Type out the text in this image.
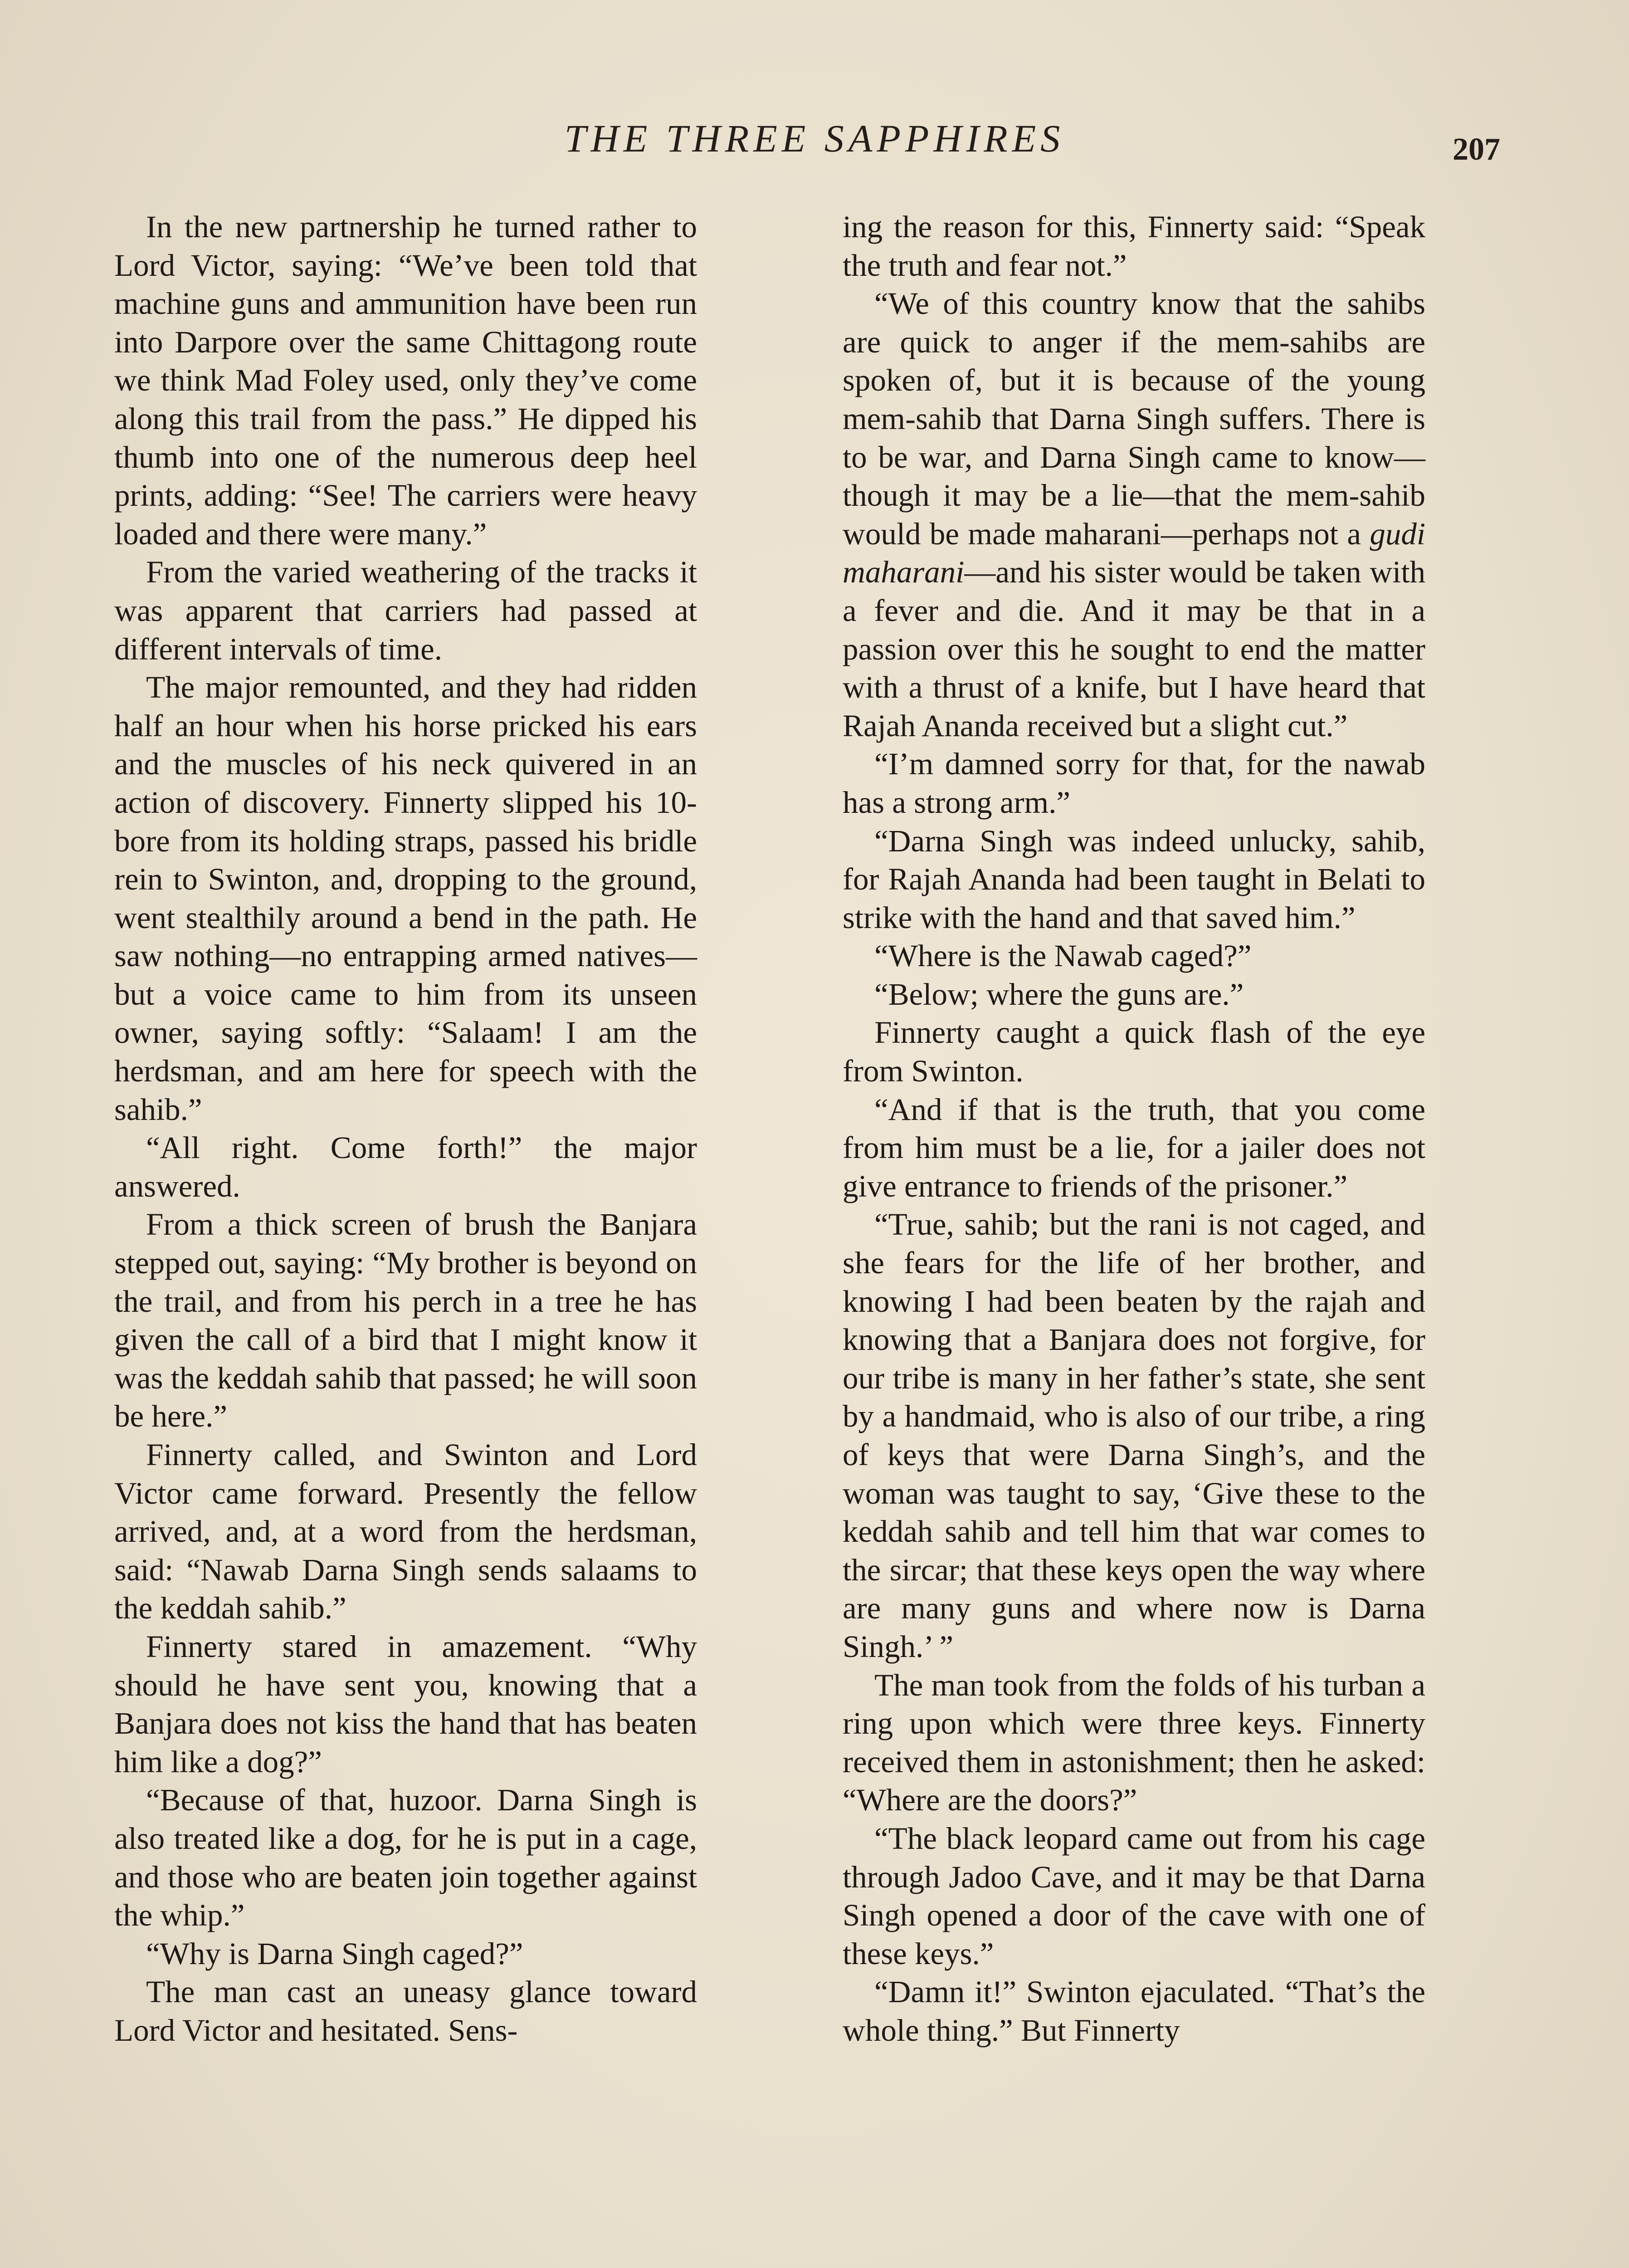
THE THREE SAPPHIRES	207

In the new partnership he turned rather to Lord Victor, saying: “We’ve been told that machine guns and ammunition have been run into Darpore over the same Chittagong route we think Mad Foley used, only they’ve come along this trail from the pass.” He dipped his thumb into one of the numerous deep heel prints, adding: “See! The carriers were heavy loaded and there were many.”

From the varied weathering of the tracks it was apparent that carriers had passed at different intervals of time.

The major remounted, and they had ridden half an hour when his horse pricked his ears and the muscles of his neck quivered in an action of discovery. Finnerty slipped his 10-bore from its holding straps, passed his bridle rein to Swinton, and, dropping to the ground, went stealthily around a bend in the path. He saw nothing—no entrapping armed natives—but a voice came to him from its unseen owner, saying softly: “Salaam! I am the herdsman, and am here for speech with the sahib.”

“All right. Come forth!” the major answered.

From a thick screen of brush the Banjara stepped out, saying: “My brother is beyond on the trail, and from his perch in a tree he has given the call of a bird that I might know it was the keddah sahib that passed; he will soon be here.”

Finnerty called, and Swinton and Lord Victor came forward. Presently the fellow arrived, and, at a word from the herdsman, said: “Nawab Darna Singh sends salaams to the keddah sahib.”

Finnerty stared in amazement. “Why should he have sent you, knowing that a Banjara does not kiss the hand that has beaten him like a dog?”

“Because of that, huzoor. Darna Singh is also treated like a dog, for he is put in a cage, and those who are beaten join together against the whip.”

“Why is Darna Singh caged?”

The man cast an uneasy glance toward Lord Victor and hesitated. Sens-

ing the reason for this, Finnerty said: “Speak the truth and fear not.”

“We of this country know that the sahibs are quick to anger if the mem-sahibs are spoken of, but it is because of the young mem-sahib that Darna Singh suffers. There is to be war, and Darna Singh came to know—though it may be a lie—that the mem-sahib would be made maharani—perhaps not a gudi maharani—and his sister would be taken with a fever and die. And it may be that in a passion over this he sought to end the matter with a thrust of a knife, but I have heard that Rajah Ananda received but a slight cut.”

“I’m damned sorry for that, for the nawab has a strong arm.”

“Darna Singh was indeed unlucky, sahib, for Rajah Ananda had been taught in Belati to strike with the hand and that saved him.”

“Where is the Nawab caged?”

“Below; where the guns are.”

Finnerty caught a quick flash of the eye from Swinton.

“And if that is the truth, that you come from him must be a lie, for a jailer does not give entrance to friends of the prisoner.”

“True, sahib; but the rani is not caged, and she fears for the life of her brother, and knowing I had been beaten by the rajah and knowing that a Banjara does not forgive, for our tribe is many in her father’s state, she sent by a handmaid, who is also of our tribe, a ring of keys that were Darna Singh’s, and the woman was taught to say, ‘Give these to the keddah sahib and tell him that war comes to the sircar; that these keys open the way where are many guns and where now is Darna Singh.’ ”

The man took from the folds of his turban a ring upon which were three keys. Finnerty received them in astonishment; then he asked: “Where are the doors?”

“The black leopard came out from his cage through Jadoo Cave, and it may be that Darna Singh opened a door of the cave with one of these keys.”

“Damn it!” Swinton ejaculated. “That’s the whole thing.” But Finnerty
